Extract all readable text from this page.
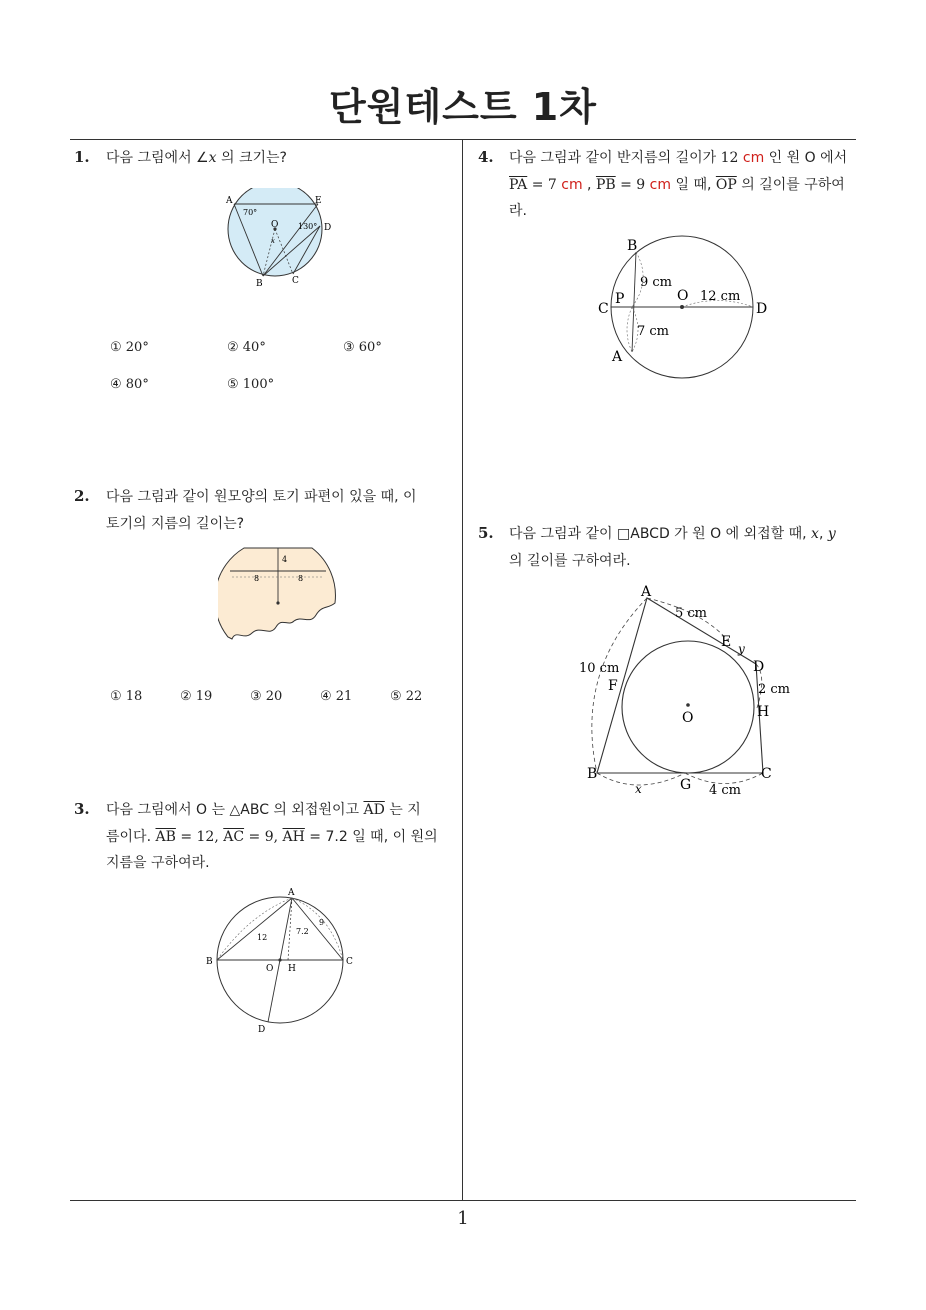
단원테스트 1차
1. 다음 그림에서 ∠x 의 크기는?
A	E
D
O
B	C
x
70°
130°
① 20°	② 40°	③ 60°
④ 80°	⑤ 100°
2. 다음 그림과 같이 원모양의 토기 파편이 있을 때, 이
토기의 지름의 길이는?
4
8	8
① 18	② 19	③ 20	④ 21	⑤ 22
3. 다음 그림에서 O 는 △ABC 의 외접원이고 $\overline{AD}$ 는 지
름이다. $\overline{AB} = 12$, $\overline{AC} = 9$, $\overline{AH} = 7.2$ 일 때, 이 원의
지름을 구하여라.
A
B	C
O H
D
12
9
7.2
4. 다음 그림과 같이 반지름의 길이가 12 cm 인 원 O 에서
$\overline{PA} = 7$ cm , $\overline{PB} = 9$ cm 일 때, $\overline{OP}$ 의 길이를 구하여
라.
B
C
P	O
D
A
9 cm
12 cm
7 cm
5. 다음 그림과 같이 □ABCD 가 원 O 에 외접할 때, x, y
의 길이를 구하여라.
A
B	C
D
E
F
G
H
O
5 cm
10 cm
2 cm
4 cm
x
y
1
